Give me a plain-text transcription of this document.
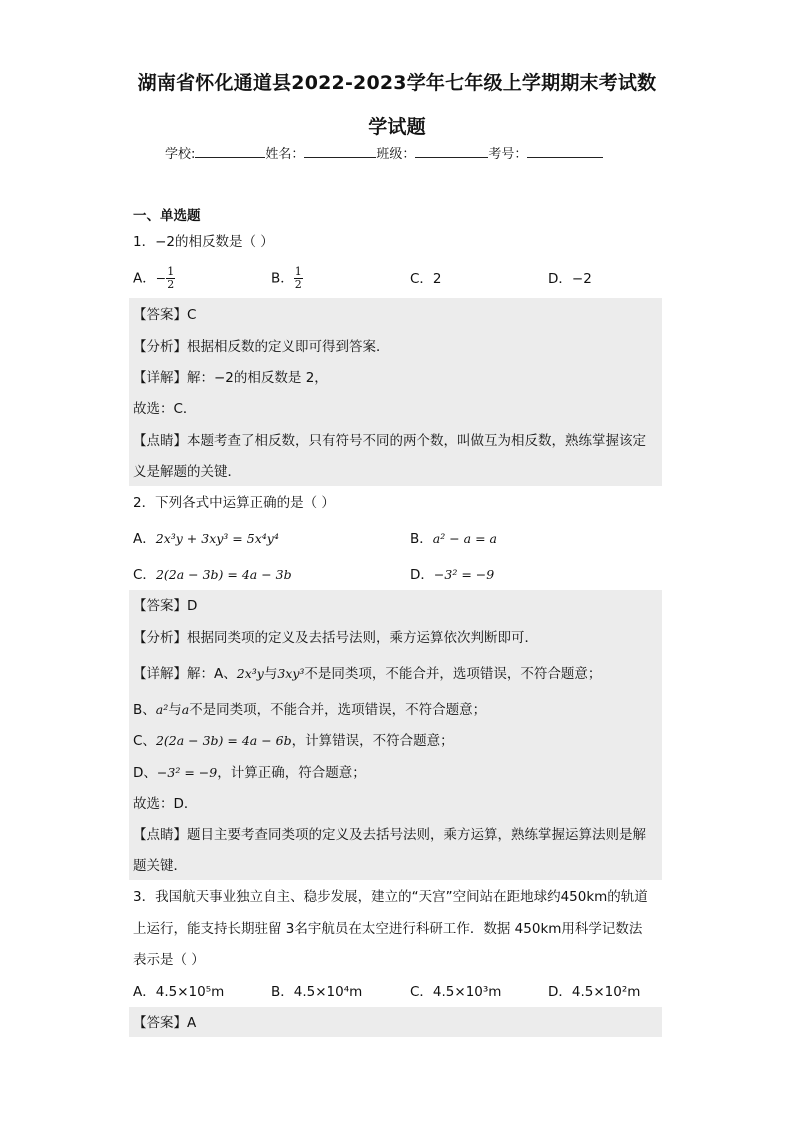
湖南省怀化通道县2022-2023学年七年级上学期期末考试数
学试题
学校:	姓名：	班级：	考号：
一、单选题
1．−2的相反数是（ ）
A．− $\frac{1}{2}$	B． $\frac{1}{2}$	C．2	D．−2
【答案】C
【分析】根据相反数的定义即可得到答案．
【详解】解：−2的相反数是 2，
故选：C．
【点睛】本题考查了相反数，只有符号不同的两个数，叫做互为相反数，熟练掌握该定
义是解题的关键．
2．下列各式中运算正确的是（ ）
A．2x³y + 3xy³ = 5x⁴y⁴	B．a² − a = a
C．2(2a − 3b) = 4a − 3b	D．−3² = −9
【答案】D
【分析】根据同类项的定义及去括号法则，乘方运算依次判断即可．
【详解】解：A、2x³y与3xy³不是同类项，不能合并，选项错误，不符合题意；
B、a²与a不是同类项，不能合并，选项错误，不符合题意；
C、2(2a − 3b) = 4a − 6b，计算错误，不符合题意；
D、−3² = −9，计算正确，符合题意；
故选：D．
【点睛】题目主要考查同类项的定义及去括号法则，乘方运算，熟练掌握运算法则是解
题关键．
3．我国航天事业独立自主、稳步发展，建立的“天宫”空间站在距地球约450km的轨道
上运行，能支持长期驻留 3名宇航员在太空进行科研工作．数据 450km用科学记数法
表示是（ ）
A．4.5×10⁵m	B．4.5×10⁴m	C．4.5×10³m	D．4.5×10²m
【答案】A
